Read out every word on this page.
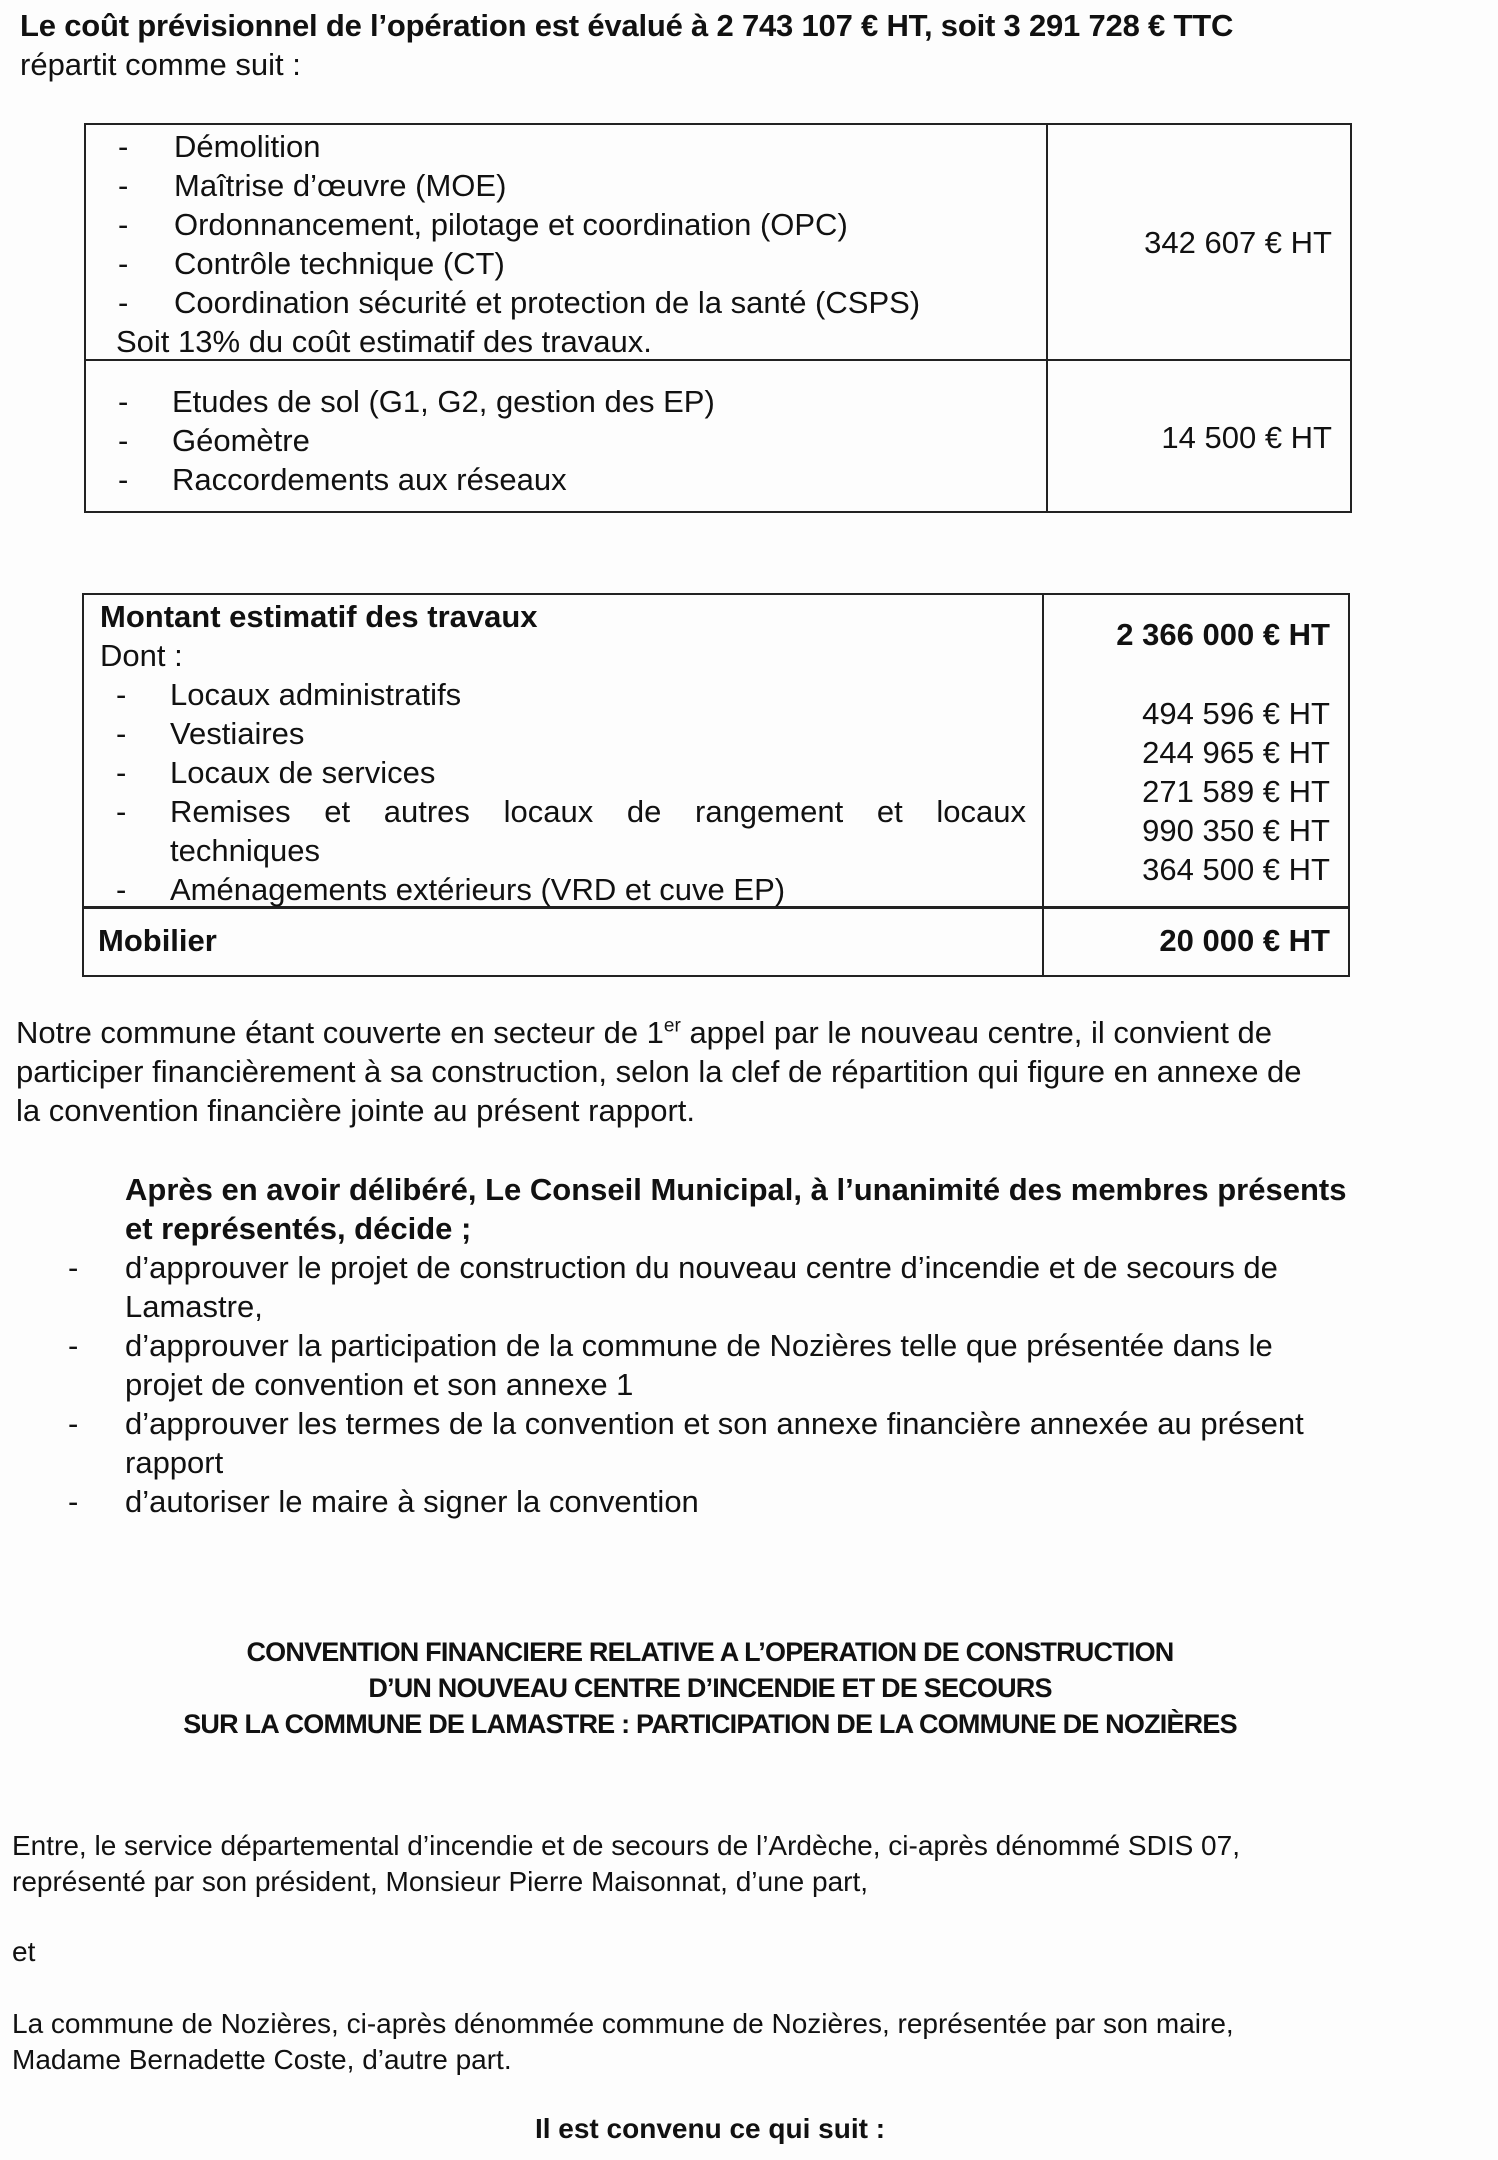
Le coût prévisionnel de l’opération est évalué à 2 743 107 € HT, soit 3 291 728 € TTC
répartit comme suit :
- Démolition
- Maîtrise d’œuvre (MOE)
- Ordonnancement, pilotage et coordination (OPC)
- Contrôle technique (CT)
- Coordination sécurité et protection de la santé (CSPS)
Soit 13% du coût estimatif des travaux.
342 607 € HT
- Etudes de sol (G1, G2, gestion des EP)
- Géomètre
- Raccordements aux réseaux
14 500 € HT
Montant estimatif des travaux
2 366 000 € HT
Dont :
- Locaux administratifs
- Vestiaires
- Locaux de services
- Remises et autres locaux de rangement et locaux
techniques
- Aménagements extérieurs (VRD et cuve EP)
494 596 € HT
244 965 € HT
271 589 € HT
990 350 € HT
364 500 € HT
Mobilier	20 000 € HT
Notre commune étant couverte en secteur de 1er appel par le nouveau centre, il convient de
participer financièrement à sa construction, selon la clef de répartition qui figure en annexe de
la convention financière jointe au présent rapport.
Après en avoir délibéré, Le Conseil Municipal, à l’unanimité des membres présents
et représentés, décide ;
- d’approuver le projet de construction du nouveau centre d’incendie et de secours de
Lamastre,
- d’approuver la participation de la commune de Nozières telle que présentée dans le
projet de convention et son annexe 1
- d’approuver les termes de la convention et son annexe financière annexée au présent
rapport
- d’autoriser le maire à signer la convention
CONVENTION FINANCIERE RELATIVE A L’OPERATION DE CONSTRUCTION
D’UN NOUVEAU CENTRE D’INCENDIE ET DE SECOURS
SUR LA COMMUNE DE LAMASTRE : PARTICIPATION DE LA COMMUNE DE NOZIÈRES
Entre, le service départemental d’incendie et de secours de l’Ardèche, ci-après dénommé SDIS 07,
représenté par son président, Monsieur Pierre Maisonnat, d’une part,
et
La commune de Nozières, ci-après dénommée commune de Nozières, représentée par son maire,
Madame Bernadette Coste, d’autre part.
Il est convenu ce qui suit :
